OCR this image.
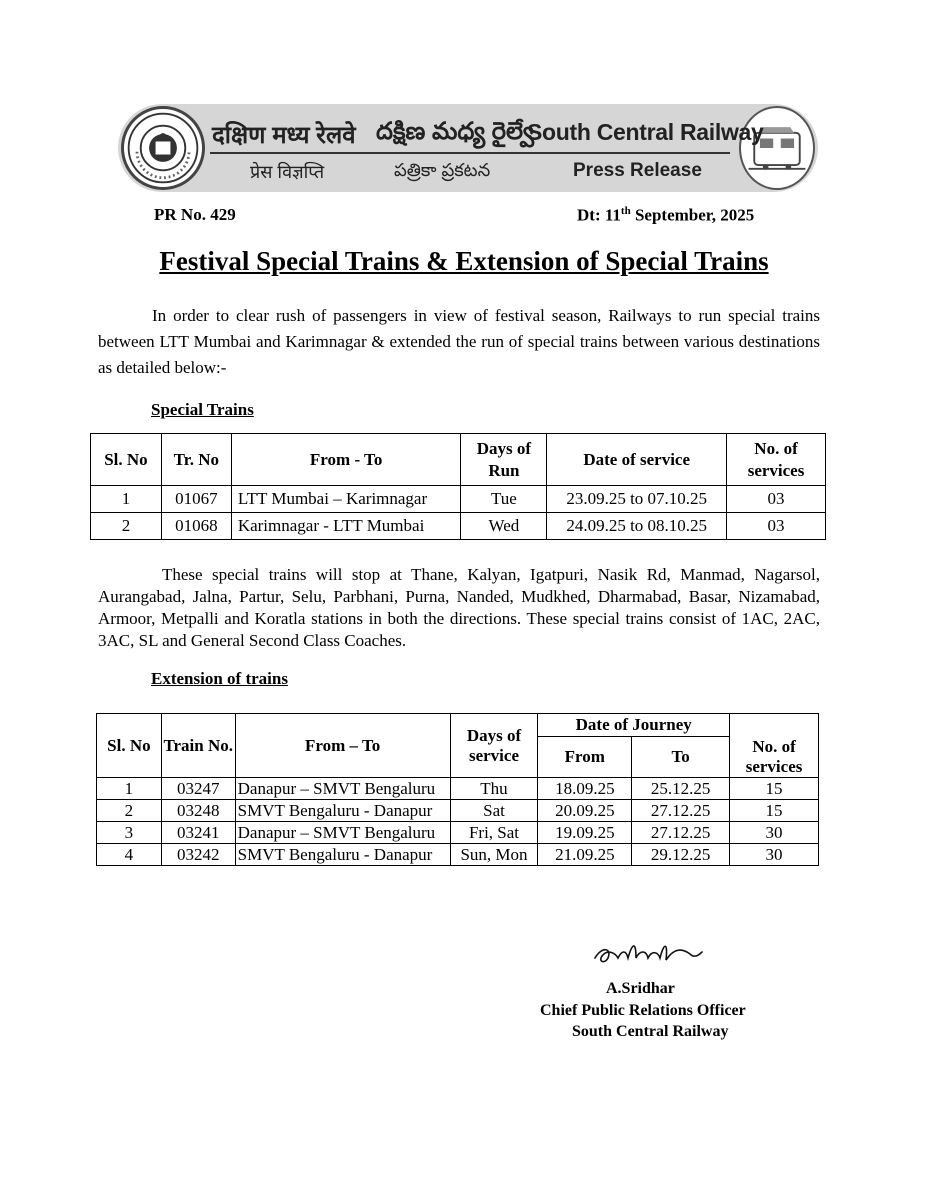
दक्षिण मध्य रेलवे దక్షిణ మధ్య రైల్వే
South Central Railway
प्रेस विज्ञप्ति	పత్రికా ప్రకటన	Press Release
PR No. 429	Dt: 11th September, 2025
Festival Special Trains & Extension of Special Trains

In order to clear rush of passengers in view of festival season, Railways to run special trains between LTT Mumbai and Karimnagar & extended the run of special trains between various destinations as detailed below:-

Special Trains
Sl. No	Tr. No	From - To	Days of Run	Date of service	No. of services
1	01067	LTT Mumbai – Karimnagar	Tue	23.09.25 to 07.10.25	03
2	01068	Karimnagar - LTT Mumbai	Wed	24.09.25 to 08.10.25	03

These special trains will stop at Thane, Kalyan, Igatpuri, Nasik Rd, Manmad, Nagarsol, Aurangabad, Jalna, Partur, Selu, Parbhani, Purna, Nanded, Mudkhed, Dharmabad, Basar, Nizamabad, Armoor, Metpalli and Koratla stations in both the directions. These special trains consist of 1AC, 2AC, 3AC, SL and General Second Class Coaches.

Extension of trains
Sl. No	Train No.	From – To	Days of service	Date of Journey		No. of services
				From	To	
1	03247	Danapur – SMVT Bengaluru	Thu	18.09.25	25.12.25	15
2	03248	SMVT Bengaluru - Danapur	Sat	20.09.25	27.12.25	15
3	03241	Danapur – SMVT Bengaluru	Fri, Sat	19.09.25	27.12.25	30
4	03242	SMVT Bengaluru - Danapur	Sun, Mon	21.09.25	29.12.25	30
A.Sridhar
Chief Public Relations Officer
South Central Railway
